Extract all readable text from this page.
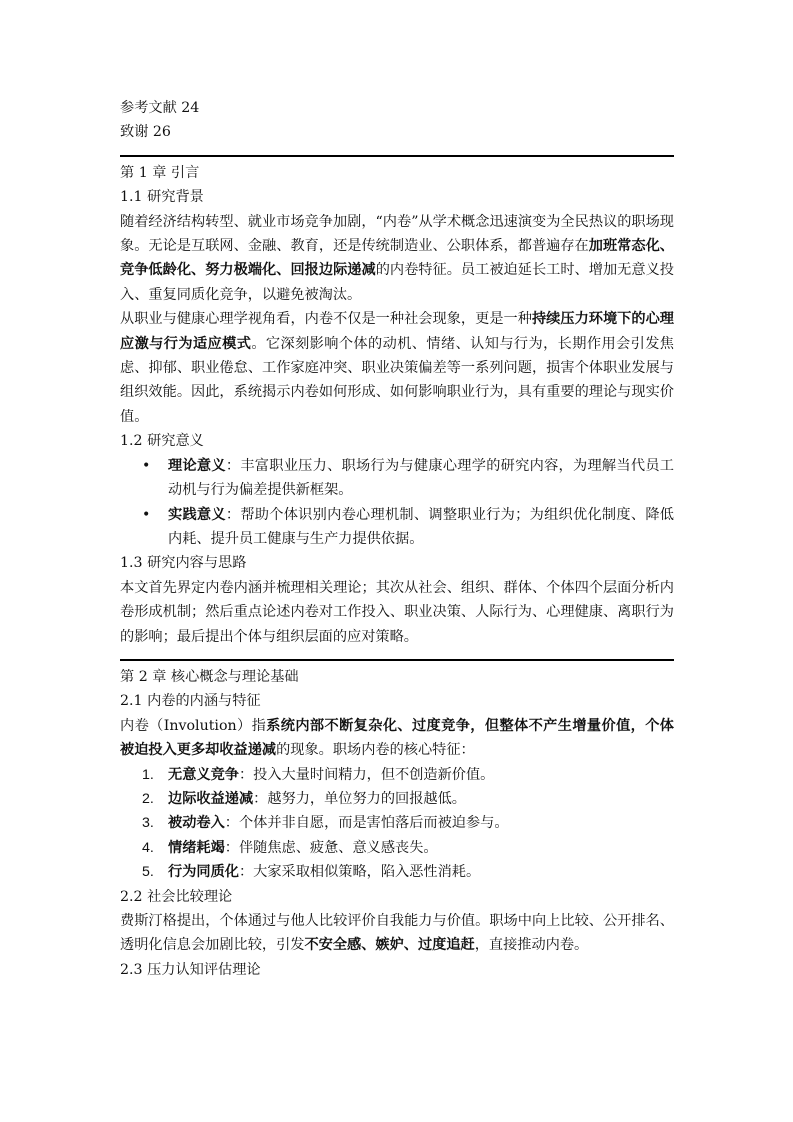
参考文献 24
致谢 26
第 1 章 引言
1.1 研究背景

随着经济结构转型、就业市场竞争加剧，“内卷”从学术概念迅速演变为全民热议的职场现象。无论是互联网、金融、教育，还是传统制造业、公职体系，都普遍存在加班常态化、竞争低龄化、努力极端化、回报边际递减的内卷特征。员工被迫延长工时、增加无意义投入、重复同质化竞争，以避免被淘汰。

从职业与健康心理学视角看，内卷不仅是一种社会现象，更是一种持续压力环境下的心理应激与行为适应模式。它深刻影响个体的动机、情绪、认知与行为，长期作用会引发焦虑、抑郁、职业倦怠、工作家庭冲突、职业决策偏差等一系列问题，损害个体职业发展与组织效能。因此，系统揭示内卷如何形成、如何影响职业行为，具有重要的理论与现实价值。

1.2 研究意义
• 理论意义：丰富职业压力、职场行为与健康心理学的研究内容，为理解当代员工动机与行为偏差提供新框架。
• 实践意义：帮助个体识别内卷心理机制、调整职业行为；为组织优化制度、降低内耗、提升员工健康与生产力提供依据。
1.3 研究内容与思路

本文首先界定内卷内涵并梳理相关理论；其次从社会、组织、群体、个体四个层面分析内卷形成机制；然后重点论述内卷对工作投入、职业决策、人际行为、心理健康、离职行为的影响；最后提出个体与组织层面的应对策略。

第 2 章 核心概念与理论基础
2.1 内卷的内涵与特征

内卷（Involution）指系统内部不断复杂化、过度竞争，但整体不产生增量价值，个体被迫投入更多却收益递减的现象。职场内卷的核心特征：

1. 无意义竞争：投入大量时间精力，但不创造新价值。
2. 边际收益递减：越努力，单位努力的回报越低。
3. 被动卷入：个体并非自愿，而是害怕落后而被迫参与。
4. 情绪耗竭：伴随焦虑、疲惫、意义感丧失。
5. 行为同质化：大家采取相似策略，陷入恶性消耗。
2.2 社会比较理论

费斯汀格提出，个体通过与他人比较评价自我能力与价值。职场中向上比较、公开排名、透明化信息会加剧比较，引发不安全感、嫉妒、过度追赶，直接推动内卷。

2.3 压力认知评估理论
